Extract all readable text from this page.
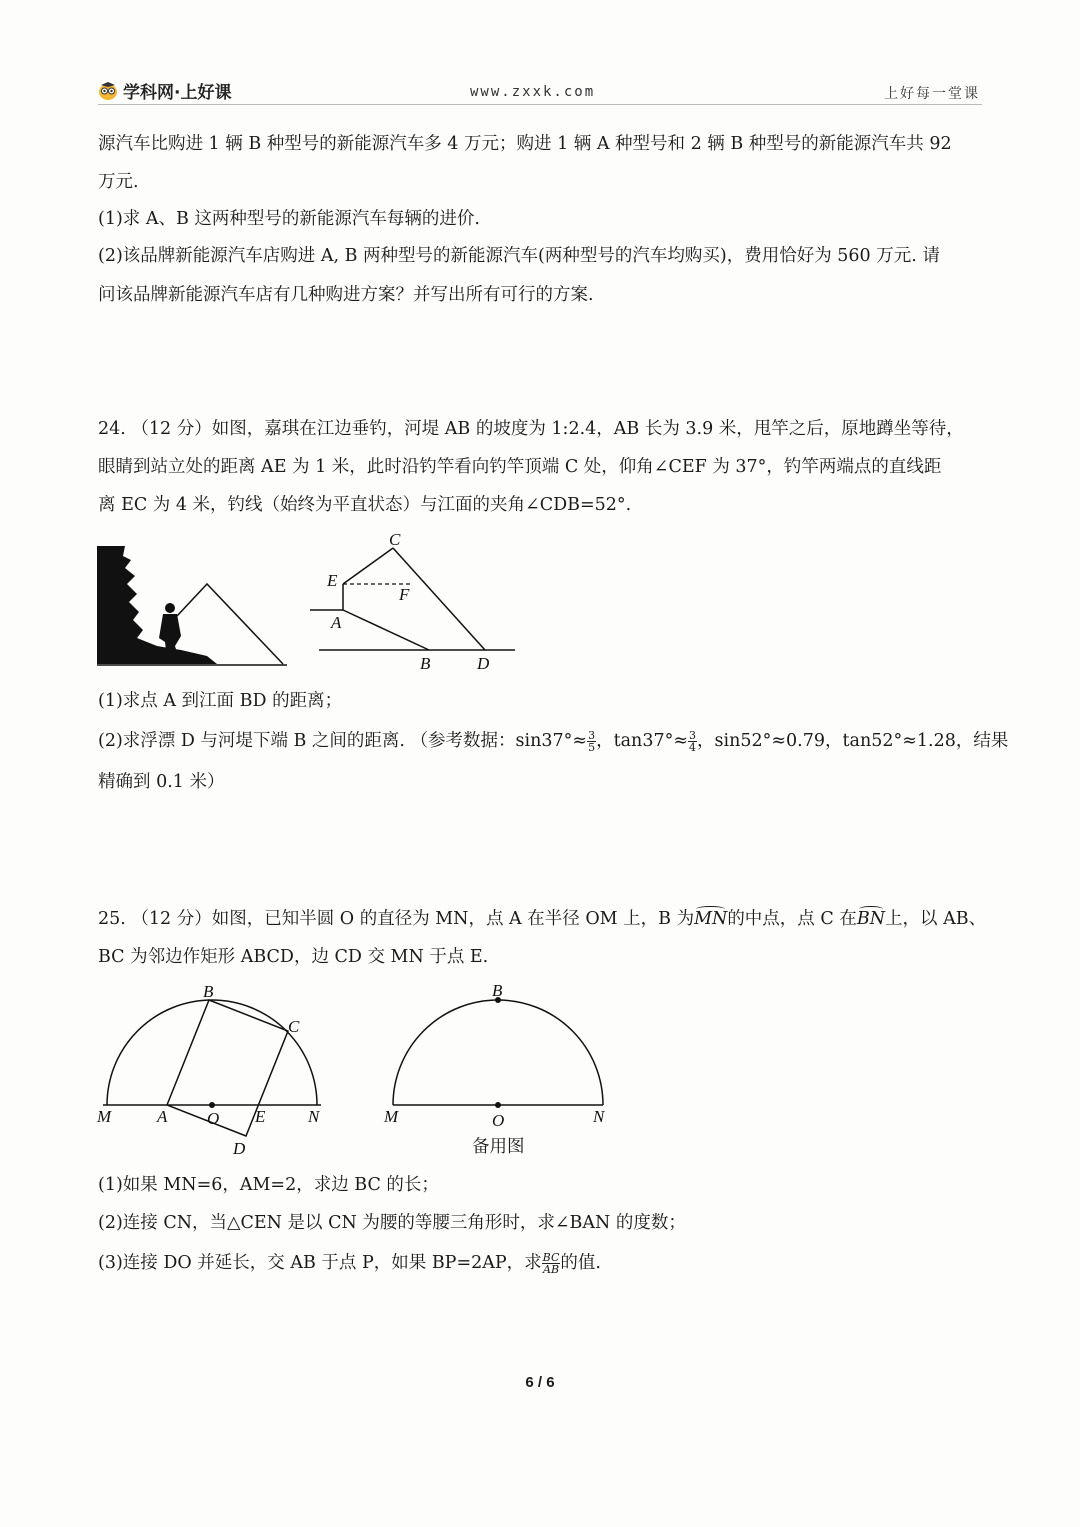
学科网·上好课	www.zxxk.com	上好每一堂课
源汽车比购进 1 辆 B 种型号的新能源汽车多 4 万元；购进 1 辆 A 种型号和 2 辆 B 种型号的新能源汽车共 92
万元.
(1)求 A、B 这两种型号的新能源汽车每辆的进价.
(2)该品牌新能源汽车店购进 A, B 两种型号的新能源汽车(两种型号的汽车均购买)，费用恰好为 560 万元. 请
问该品牌新能源汽车店有几种购进方案？并写出所有可行的方案.
24. （12 分）如图，嘉琪在江边垂钓，河堤 AB 的坡度为 1:2.4，AB 长为 3.9 米，甩竿之后，原地蹲坐等待，
眼睛到站立处的距离 AE 为 1 米，此时沿钓竿看向钓竿顶端 C 处，仰角∠CEF 为 37°，钓竿两端点的直线距
离 EC 为 4 米，钓线（始终为平直状态）与江面的夹角∠CDB=52°.
C
E
F
A
B	D
(1)求点 A 到江面 BD 的距离；
(2)求浮漂 D 与河堤下端 B 之间的距离. （参考数据：$\sin 37^\circ\approx \frac{3}{5}$ ，$\tan 37^\circ\approx \frac{3}{4}$ ，sin52°≈0.79，tan52°≈1.28，结果
精确到 0.1 米）
25. （12 分）如图，已知半圆 O 的直径为 MN，点 A 在半径 OM 上，B 为MN
的中点，点 C 在BN
上，以 AB、
BC 为邻边作矩形 ABCD，边 CD 交 MN 于点 E.
B
C
M	A O E	N
D
B
M	O	N
备用图
(1)如果 MN=6，AM=2，求边 BC 的长；
(2)连接 CN，当△CEN 是以 CN 为腰的等腰三角形时，求∠BAN 的度数；
(3)连接 DO 并延长，交 AB 于点 P，如果 BP=2AP，求 $\frac{BC}{AB}$ 的值.
6 / 6
